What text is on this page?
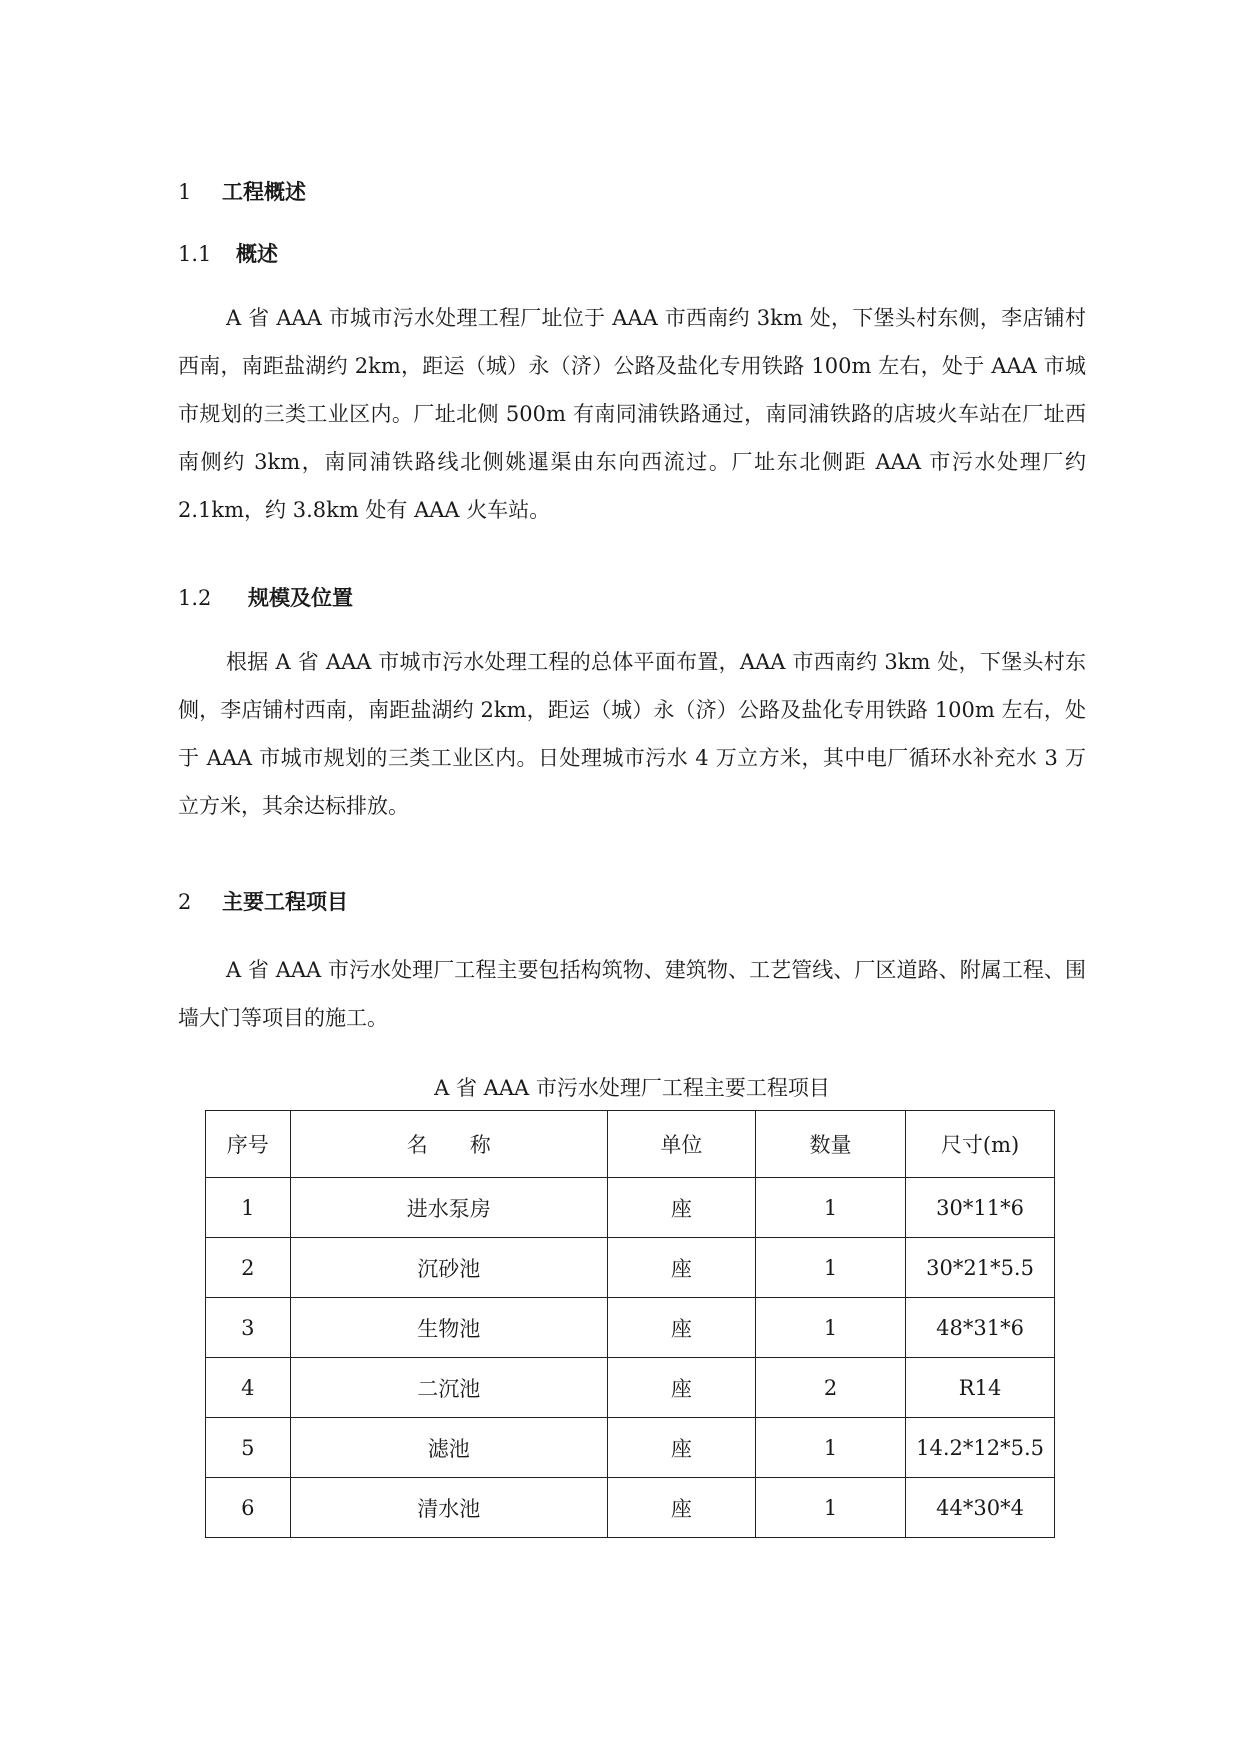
1 工程概述
1.1 概述
A 省 AAA 市城市污水处理工程厂址位于 AAA 市西南约 3km 处，下堡头村东侧，李店铺村西南，南距盐湖约 2km，距运（城）永（济）公路及盐化专用铁路 100m 左右，处于 AAA 市城市规划的三类工业区内。厂址北侧 500m 有南同浦铁路通过，南同浦铁路的店坡火车站在厂址西南侧约 3km，南同浦铁路线北侧姚暹渠由东向西流过。厂址东北侧距 AAA 市污水处理厂约 2.1km，约 3.8km 处有 AAA 火车站。
1.2 规模及位置
根据 A 省 AAA 市城市污水处理工程的总体平面布置，AAA 市西南约 3km 处，下堡头村东侧，李店铺村西南，南距盐湖约 2km，距运（城）永（济）公路及盐化专用铁路 100m 左右，处于 AAA 市城市规划的三类工业区内。日处理城市污水 4 万立方米，其中电厂循环水补充水 3 万立方米，其余达标排放。
2 主要工程项目
A 省 AAA 市污水处理厂工程主要包括构筑物、建筑物、工艺管线、厂区道路、附属工程、围墙大门等项目的施工。
A 省 AAA 市污水处理厂工程主要工程项目
序号	名　　称	单位	数量	尺寸(m)
1	进水泵房	座	1	30*11*6
2	沉砂池	座	1	30*21*5.5
3	生物池	座	1	48*31*6
4	二沉池	座	2	R14
5	滤池	座	1	14.2*12*5.5
6	清水池	座	1	44*30*4
